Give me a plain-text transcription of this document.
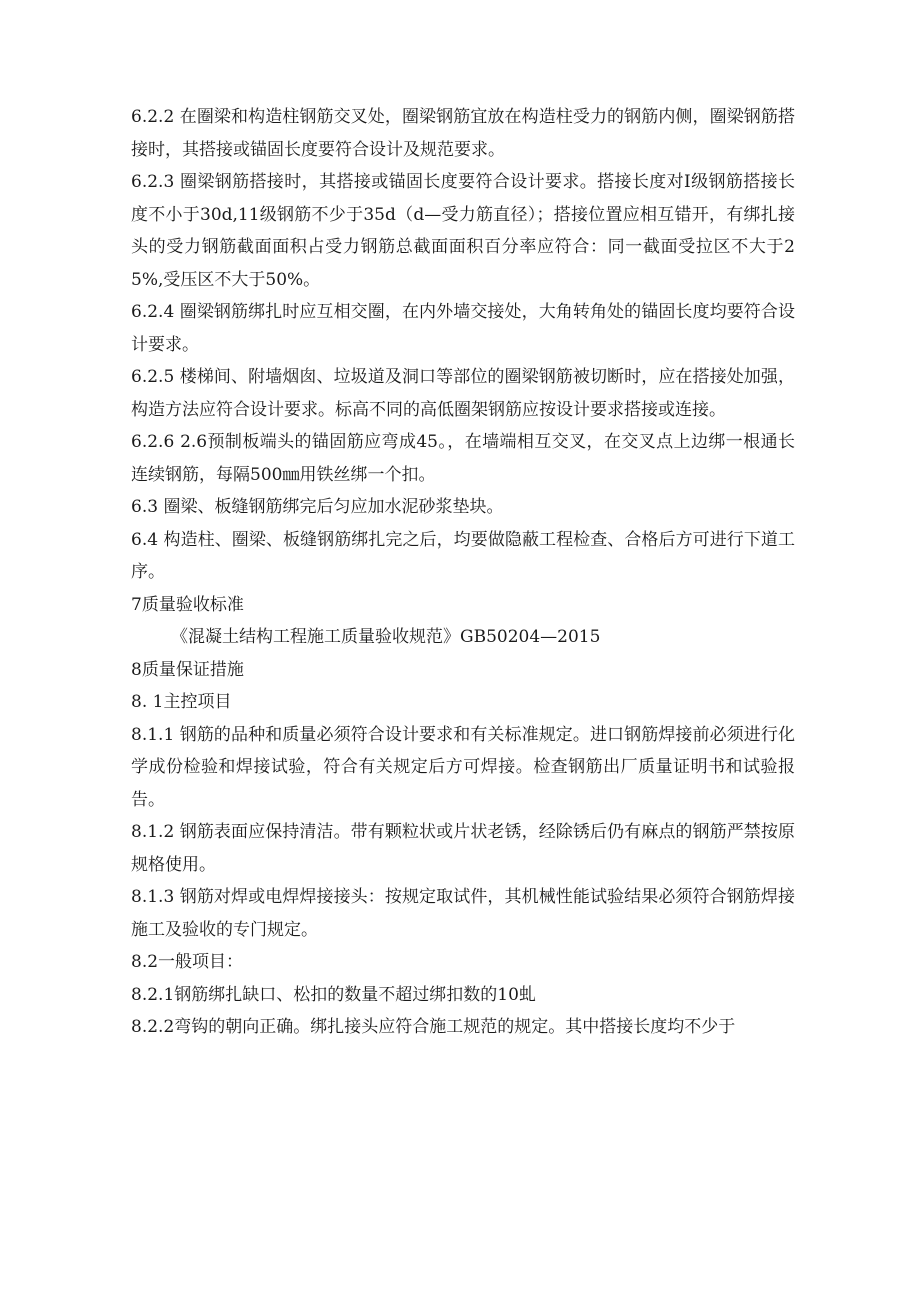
6.2.2 在圈梁和构造柱钢筋交叉处，圈梁钢筋宜放在构造柱受力的钢筋内侧，圈梁钢筋搭接时，其搭接或锚固长度要符合设计及规范要求。

6.2.3 圈梁钢筋搭接时，其搭接或锚固长度要符合设计要求。搭接长度对Ⅰ级钢筋搭接长度不小于30d,11级钢筋不少于35d（d—受力筋直径）；搭接位置应相互错开，有绑扎接头的受力钢筋截面面积占受力钢筋总截面面积百分率应符合：同一截面受拉区不大于25%,受压区不大于50%。

6.2.4 圈梁钢筋绑扎时应互相交圈，在内外墙交接处，大角转角处的锚固长度均要符合设计要求。

6.2.5 楼梯间、附墙烟囱、垃圾道及洞口等部位的圈梁钢筋被切断时，应在搭接处加强，构造方法应符合设计要求。标高不同的高低圈架钢筋应按设计要求搭接或连接。

6.2.6 2.6预制板端头的锚固筋应弯成45。，在墙端相互交叉，在交叉点上边绑一根通长连续钢筋，每隔500㎜用铁丝绑一个扣。

6.3 圈梁、板缝钢筋绑完后匀应加水泥砂浆垫块。

6.4 构造柱、圈梁、板缝钢筋绑扎完之后，均要做隐蔽工程检查、合格后方可进行下道工序。

7质量验收标准

《混凝土结构工程施工质量验收规范》GB50204—2015

8质量保证措施

8. 1主控项目

8.1.1 钢筋的品种和质量必须符合设计要求和有关标准规定。进口钢筋焊接前必须进行化学成份检验和焊接试验，符合有关规定后方可焊接。检查钢筋出厂质量证明书和试验报告。

8.1.2 钢筋表面应保持清洁。带有颗粒状或片状老锈，经除锈后仍有麻点的钢筋严禁按原规格使用。

8.1.3 钢筋对焊或电焊焊接接头：按规定取试件，其机械性能试验结果必须符合钢筋焊接施工及验收的专门规定。

8.2一般项目：

8.2.1钢筋绑扎缺口、松扣的数量不超过绑扣数的10虬

8.2.2弯钩的朝向正确。绑扎接头应符合施工规范的规定。其中搭接长度均不少于
